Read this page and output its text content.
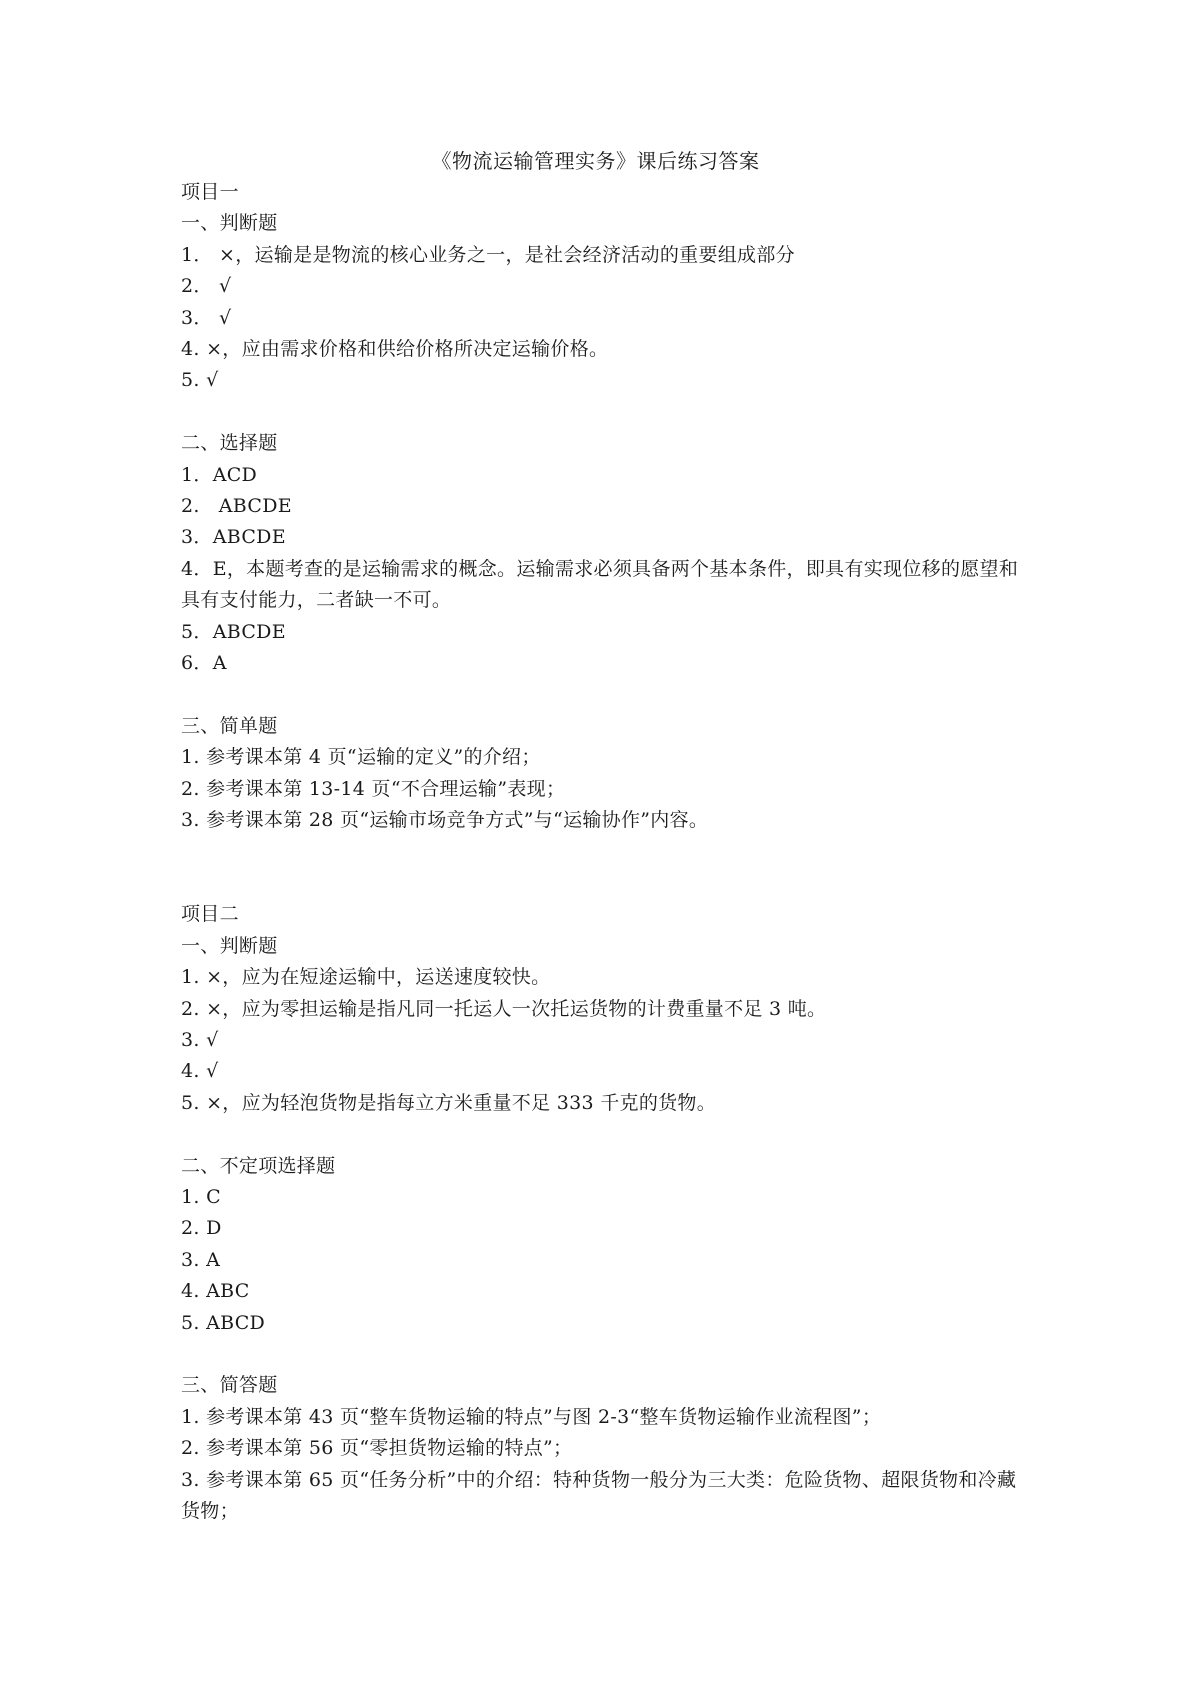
《物流运输管理实务》课后练习答案
项目一
一、判断题
1． ×，运输是是物流的核心业务之一，是社会经济活动的重要组成部分
2． √
3． √
4. ×，应由需求价格和供给价格所决定运输价格。
5. √
二、选择题
1．ACD
2.   ABCDE
3．ABCDE
4．E，本题考查的是运输需求的概念。运输需求必须具备两个基本条件，即具有实现位移的愿望和具有支付能力，二者缺一不可。
5．ABCDE
6．A
三、简单题
1. 参考课本第 4 页“运输的定义”的介绍；
2. 参考课本第 13-14 页“不合理运输”表现；
3. 参考课本第 28 页“运输市场竞争方式”与“运输协作”内容。
项目二
一、判断题
1. ×，应为在短途运输中，运送速度较快。
2. ×，应为零担运输是指凡同一托运人一次托运货物的计费重量不足 3 吨。
3. √
4. √
5. ×，应为轻泡货物是指每立方米重量不足 333 千克的货物。
二、不定项选择题
1. C
2. D
3. A
4. ABC
5. ABCD
三、简答题
1. 参考课本第 43 页“整车货物运输的特点”与图 2-3“整车货物运输作业流程图”；
2. 参考课本第 56 页“零担货物运输的特点”；
3. 参考课本第 65 页“任务分析”中的介绍：特种货物一般分为三大类：危险货物、超限货物和冷藏货物；
